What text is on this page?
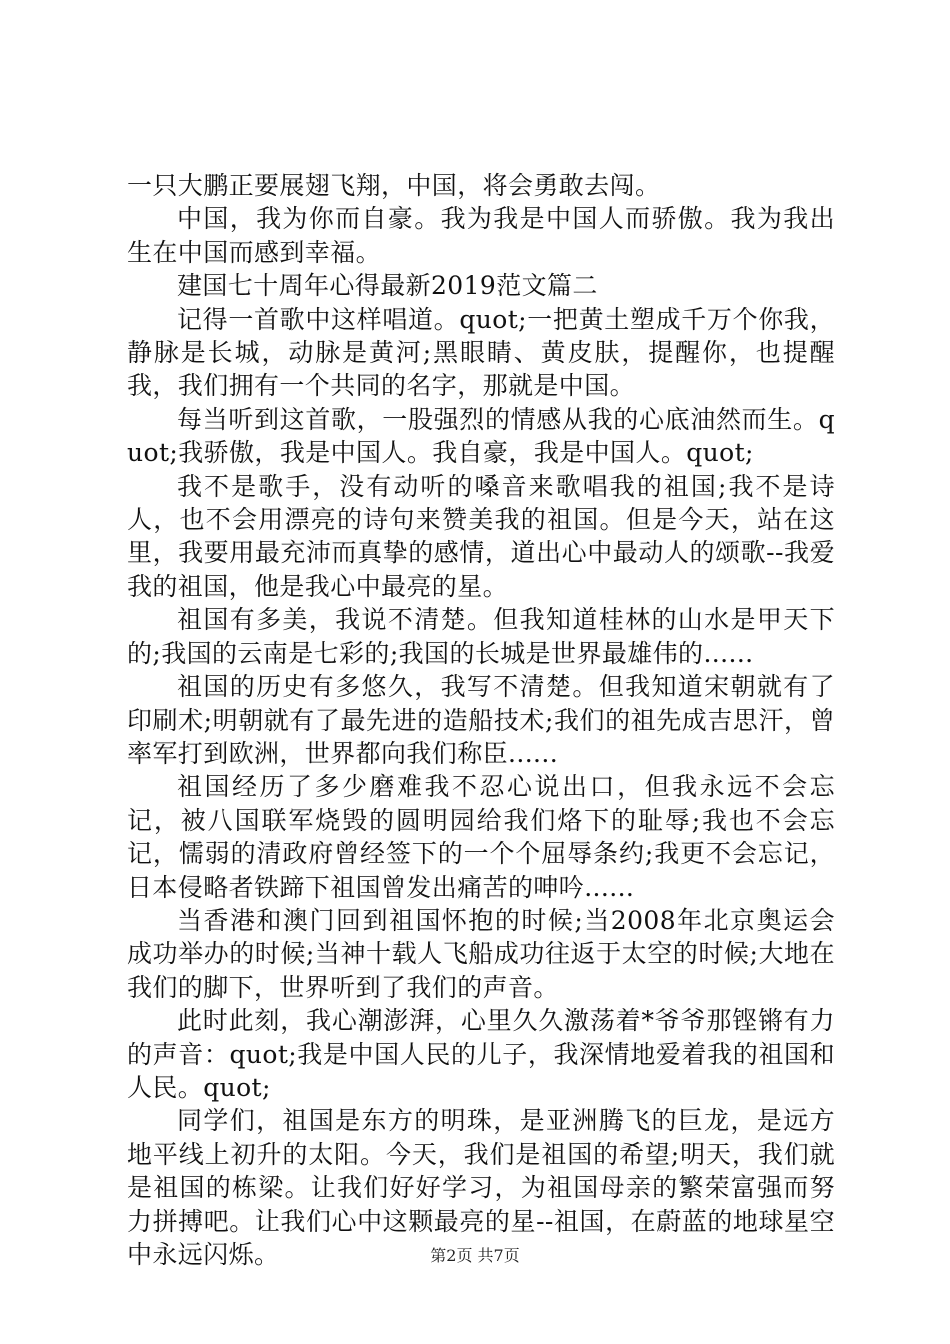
一只大鹏正要展翅飞翔，中国，将会勇敢去闯。

中国，我为你而自豪。我为我是中国人而骄傲。我为我出生在中国而感到幸福。

建国七十周年心得最新2019范文篇二

记得一首歌中这样唱道。quot;一把黄土塑成千万个你我，静脉是长城，动脉是黄河;黑眼睛、黄皮肤，提醒你，也提醒我，我们拥有一个共同的名字，那就是中国。

每当听到这首歌，一股强烈的情感从我的心底油然而生。quot;我骄傲，我是中国人。我自豪，我是中国人。quot;

我不是歌手，没有动听的嗓音来歌唱我的祖国;我不是诗人，也不会用漂亮的诗句来赞美我的祖国。但是今天，站在这里，我要用最充沛而真挚的感情，道出心中最动人的颂歌--我爱我的祖国，他是我心中最亮的星。

祖国有多美，我说不清楚。但我知道桂林的山水是甲天下的;我国的云南是七彩的;我国的长城是世界最雄伟的......

祖国的历史有多悠久，我写不清楚。但我知道宋朝就有了印刷术;明朝就有了最先进的造船技术;我们的祖先成吉思汗，曾率军打到欧洲，世界都向我们称臣......

祖国经历了多少磨难我不忍心说出口，但我永远不会忘记，被八国联军烧毁的圆明园给我们烙下的耻辱;我也不会忘记，懦弱的清政府曾经签下的一个个屈辱条约;我更不会忘记，日本侵略者铁蹄下祖国曾发出痛苦的呻吟......

当香港和澳门回到祖国怀抱的时候;当2008年北京奥运会成功举办的时候;当神十载人飞船成功往返于太空的时候;大地在我们的脚下，世界听到了我们的声音。

此时此刻，我心潮澎湃，心里久久激荡着*爷爷那铿锵有力的声音：quot;我是中国人民的儿子，我深情地爱着我的祖国和人民。quot;

同学们，祖国是东方的明珠，是亚洲腾飞的巨龙，是远方地平线上初升的太阳。今天，我们是祖国的希望;明天，我们就是祖国的栋梁。让我们好好学习，为祖国母亲的繁荣富强而努力拼搏吧。让我们心中这颗最亮的星--祖国，在蔚蓝的地球星空中永远闪烁。	第2页 共7页
